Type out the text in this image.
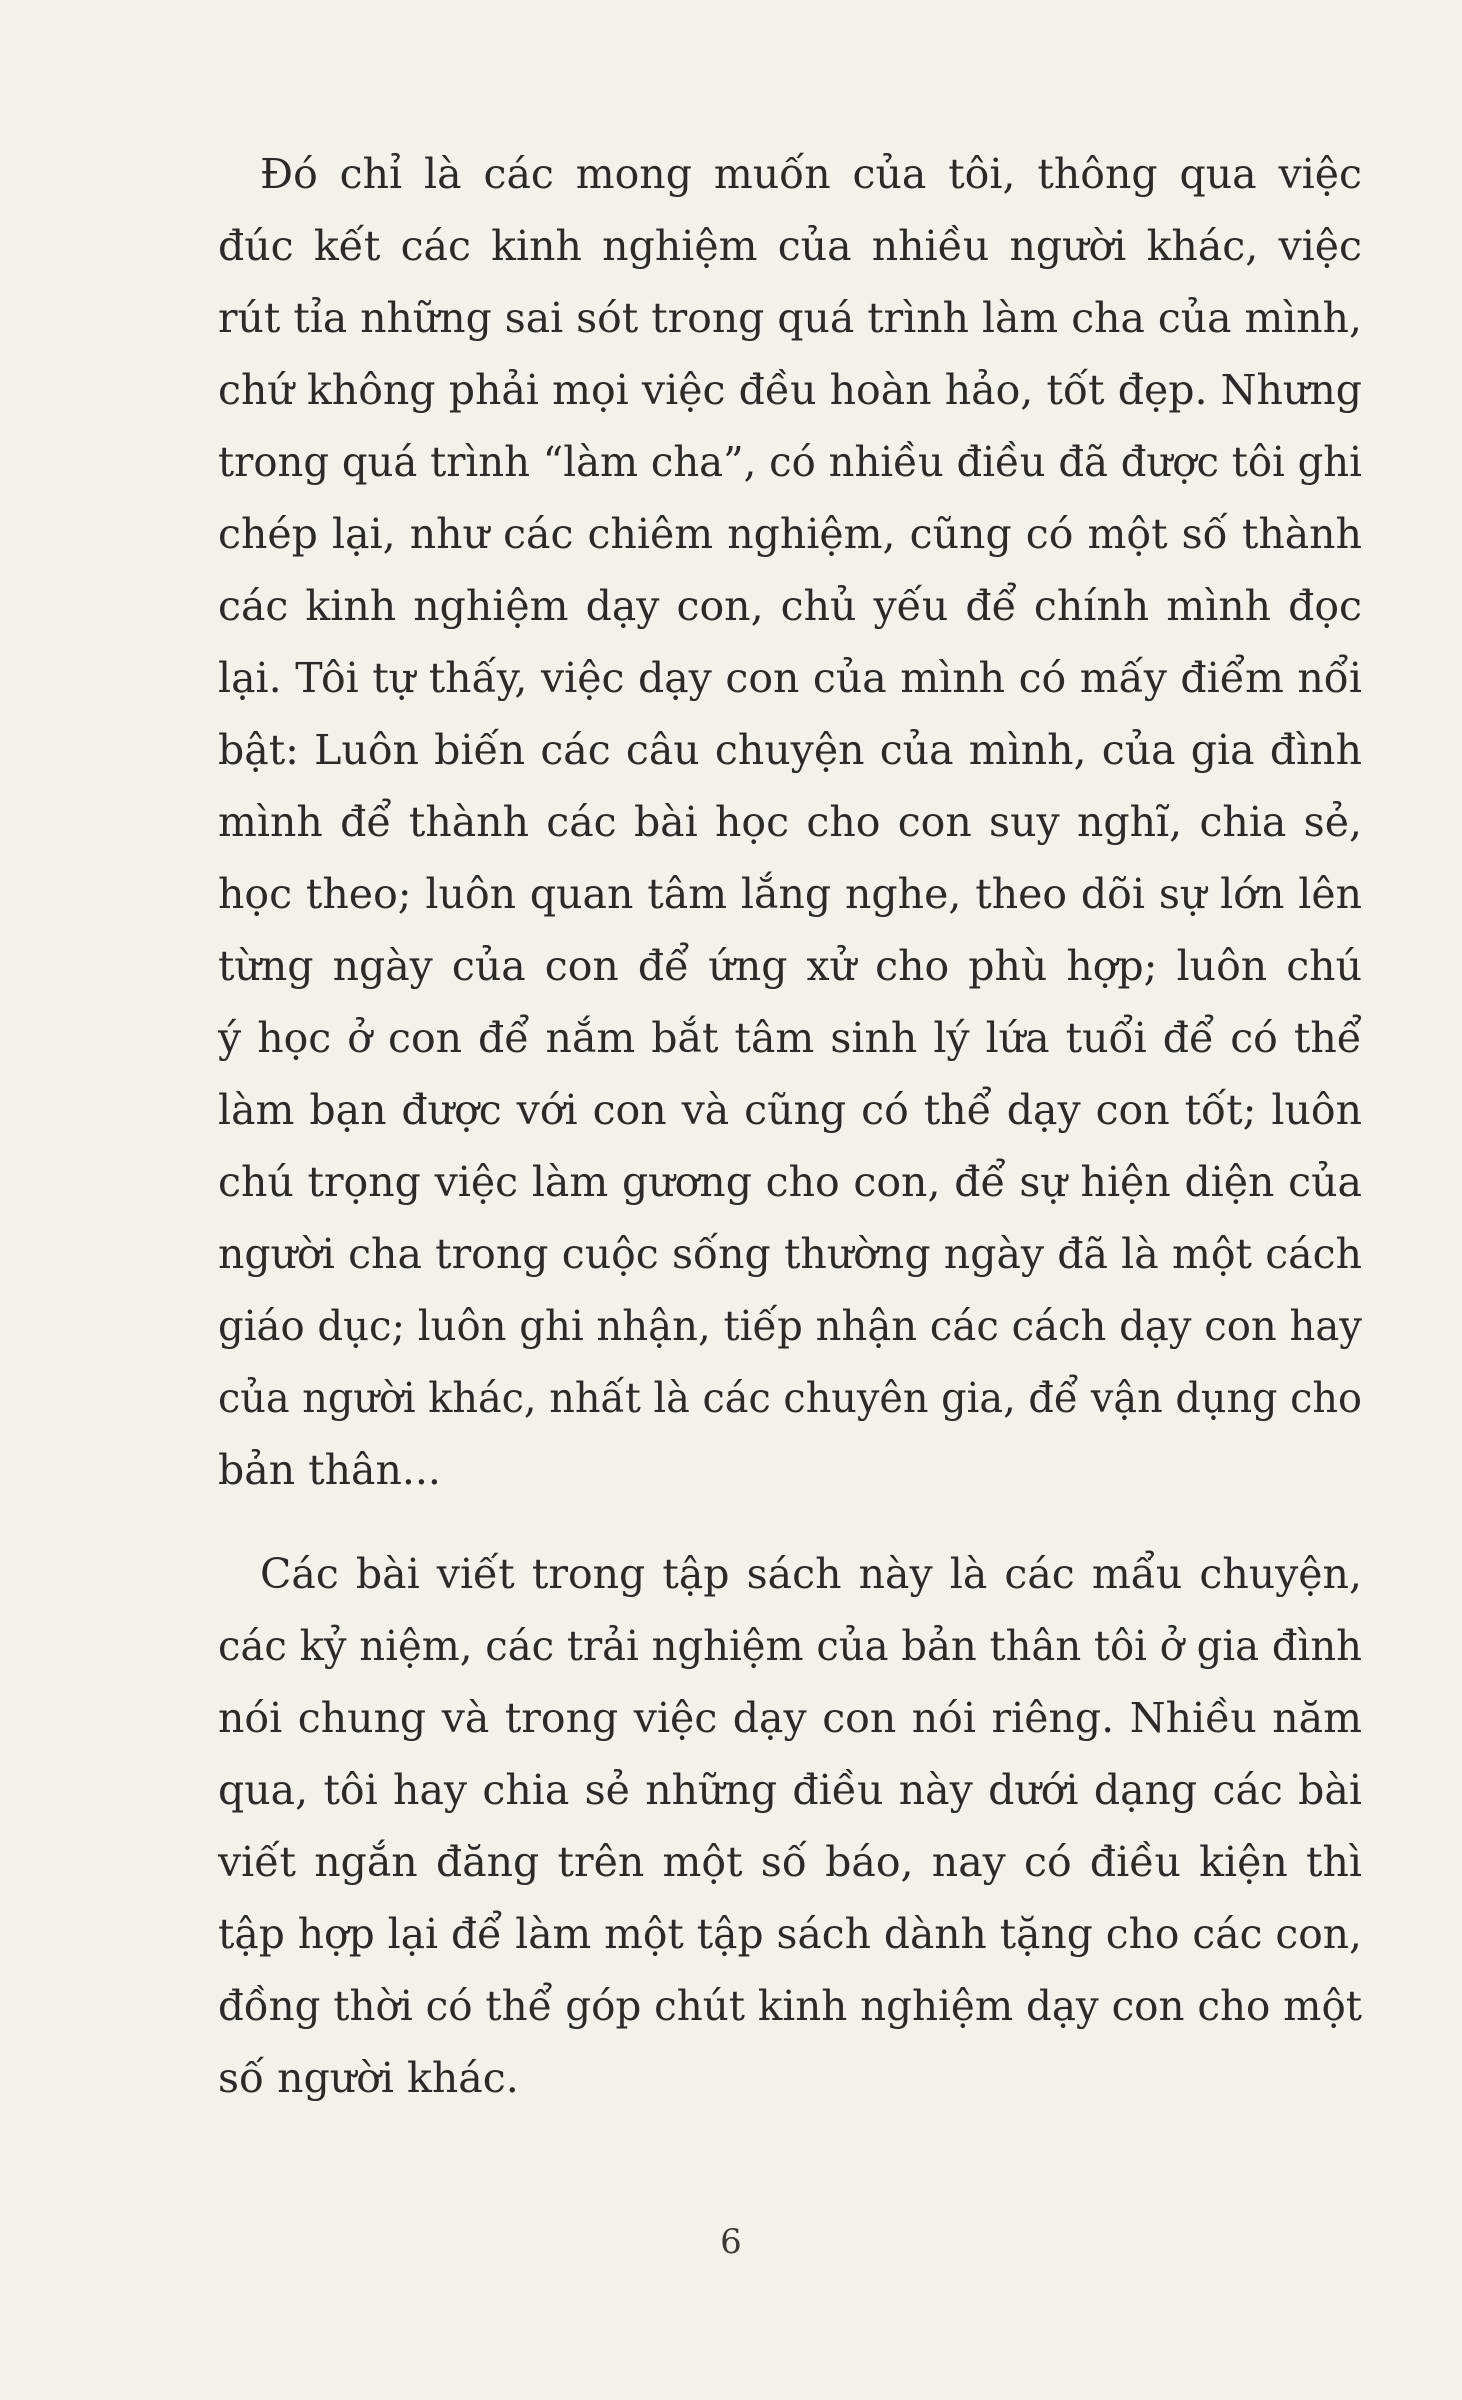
Đó chỉ là các mong muốn của tôi, thông qua việc
đúc kết các kinh nghiệm của nhiều người khác, việc
rút tỉa những sai sót trong quá trình làm cha của mình,
chứ không phải mọi việc đều hoàn hảo, tốt đẹp. Nhưng
trong quá trình “làm cha”, có nhiều điều đã được tôi ghi
chép lại, như các chiêm nghiệm, cũng có một số thành
các kinh nghiệm dạy con, chủ yếu để chính mình đọc
lại. Tôi tự thấy, việc dạy con của mình có mấy điểm nổi
bật: Luôn biến các câu chuyện của mình, của gia đình
mình để thành các bài học cho con suy nghĩ, chia sẻ,
học theo; luôn quan tâm lắng nghe, theo dõi sự lớn lên
từng ngày của con để ứng xử cho phù hợp; luôn chú
ý học ở con để nắm bắt tâm sinh lý lứa tuổi để có thể
làm bạn được với con và cũng có thể dạy con tốt; luôn
chú trọng việc làm gương cho con, để sự hiện diện của
người cha trong cuộc sống thường ngày đã là một cách
giáo dục; luôn ghi nhận, tiếp nhận các cách dạy con hay
của người khác, nhất là các chuyên gia, để vận dụng cho
bản thân...
Các bài viết trong tập sách này là các mẩu chuyện,
các kỷ niệm, các trải nghiệm của bản thân tôi ở gia đình
nói chung và trong việc dạy con nói riêng. Nhiều năm
qua, tôi hay chia sẻ những điều này dưới dạng các bài
viết ngắn đăng trên một số báo, nay có điều kiện thì
tập hợp lại để làm một tập sách dành tặng cho các con,
đồng thời có thể góp chút kinh nghiệm dạy con cho một
số người khác.
6
